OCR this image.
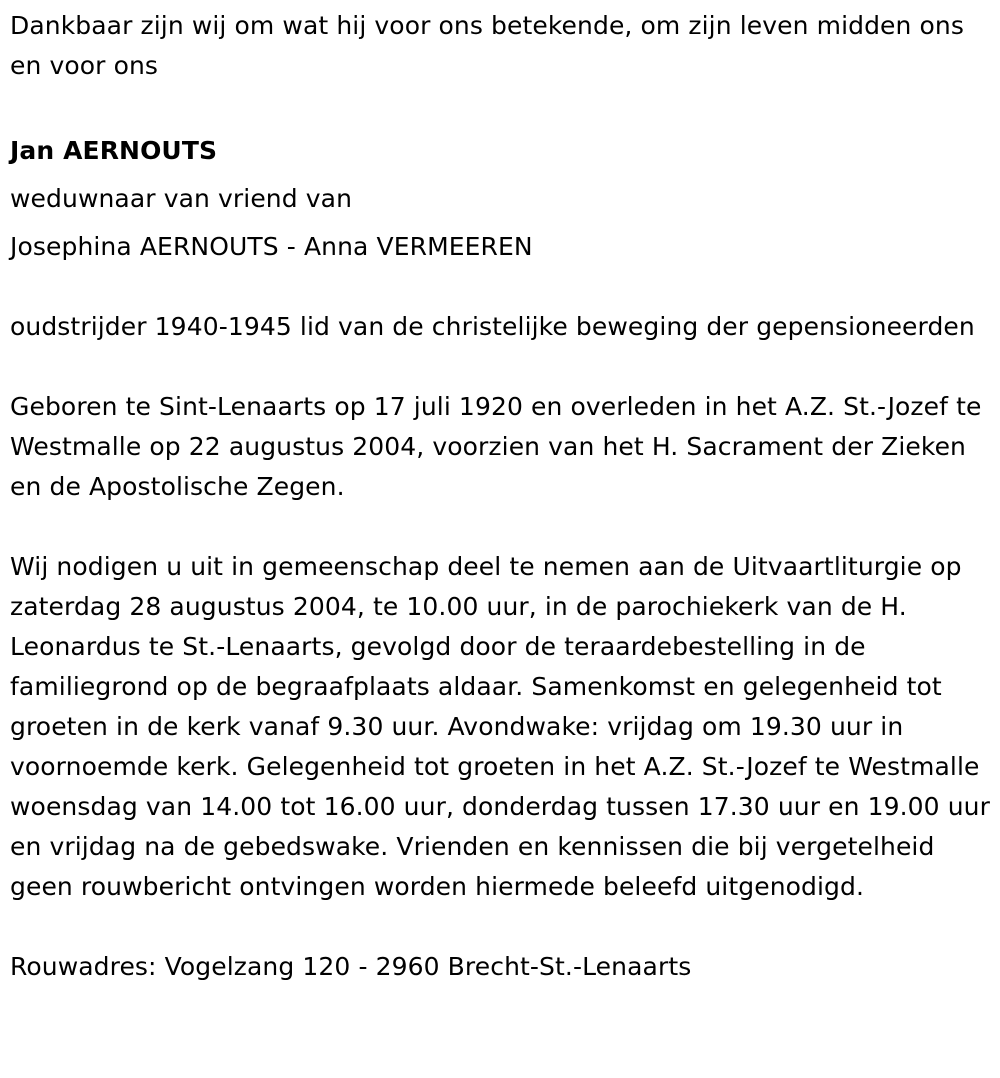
Dankbaar zijn wij om wat hij voor ons betekende, om zijn leven midden ons en voor ons

Jan AERNOUTS

weduwnaar van vriend van

Josephina AERNOUTS - Anna VERMEEREN

oudstrijder 1940-1945 lid van de christelijke beweging der gepensioneerden

Geboren te Sint-Lenaarts op 17 juli 1920 en overleden in het A.Z. St.-Jozef te Westmalle op 22 augustus 2004, voorzien van het H. Sacrament der Zieken en de Apostolische Zegen.

Wij nodigen u uit in gemeenschap deel te nemen aan de Uitvaartliturgie op zaterdag 28 augustus 2004, te 10.00 uur, in de parochiekerk van de H. Leonardus te St.-Lenaarts, gevolgd door de teraardebestelling in de familiegrond op de begraafplaats aldaar. Samenkomst en gelegenheid tot groeten in de kerk vanaf 9.30 uur. Avondwake: vrijdag om 19.30 uur in voornoemde kerk. Gelegenheid tot groeten in het A.Z. St.-Jozef te Westmalle woensdag van 14.00 tot 16.00 uur, donderdag tussen 17.30 uur en 19.00 uur en vrijdag na de gebedswake. Vrienden en kennissen die bij vergetelheid geen rouwbericht ontvingen worden hiermede beleefd uitgenodigd.

Rouwadres: Vogelzang 120 - 2960 Brecht-St.-Lenaarts
